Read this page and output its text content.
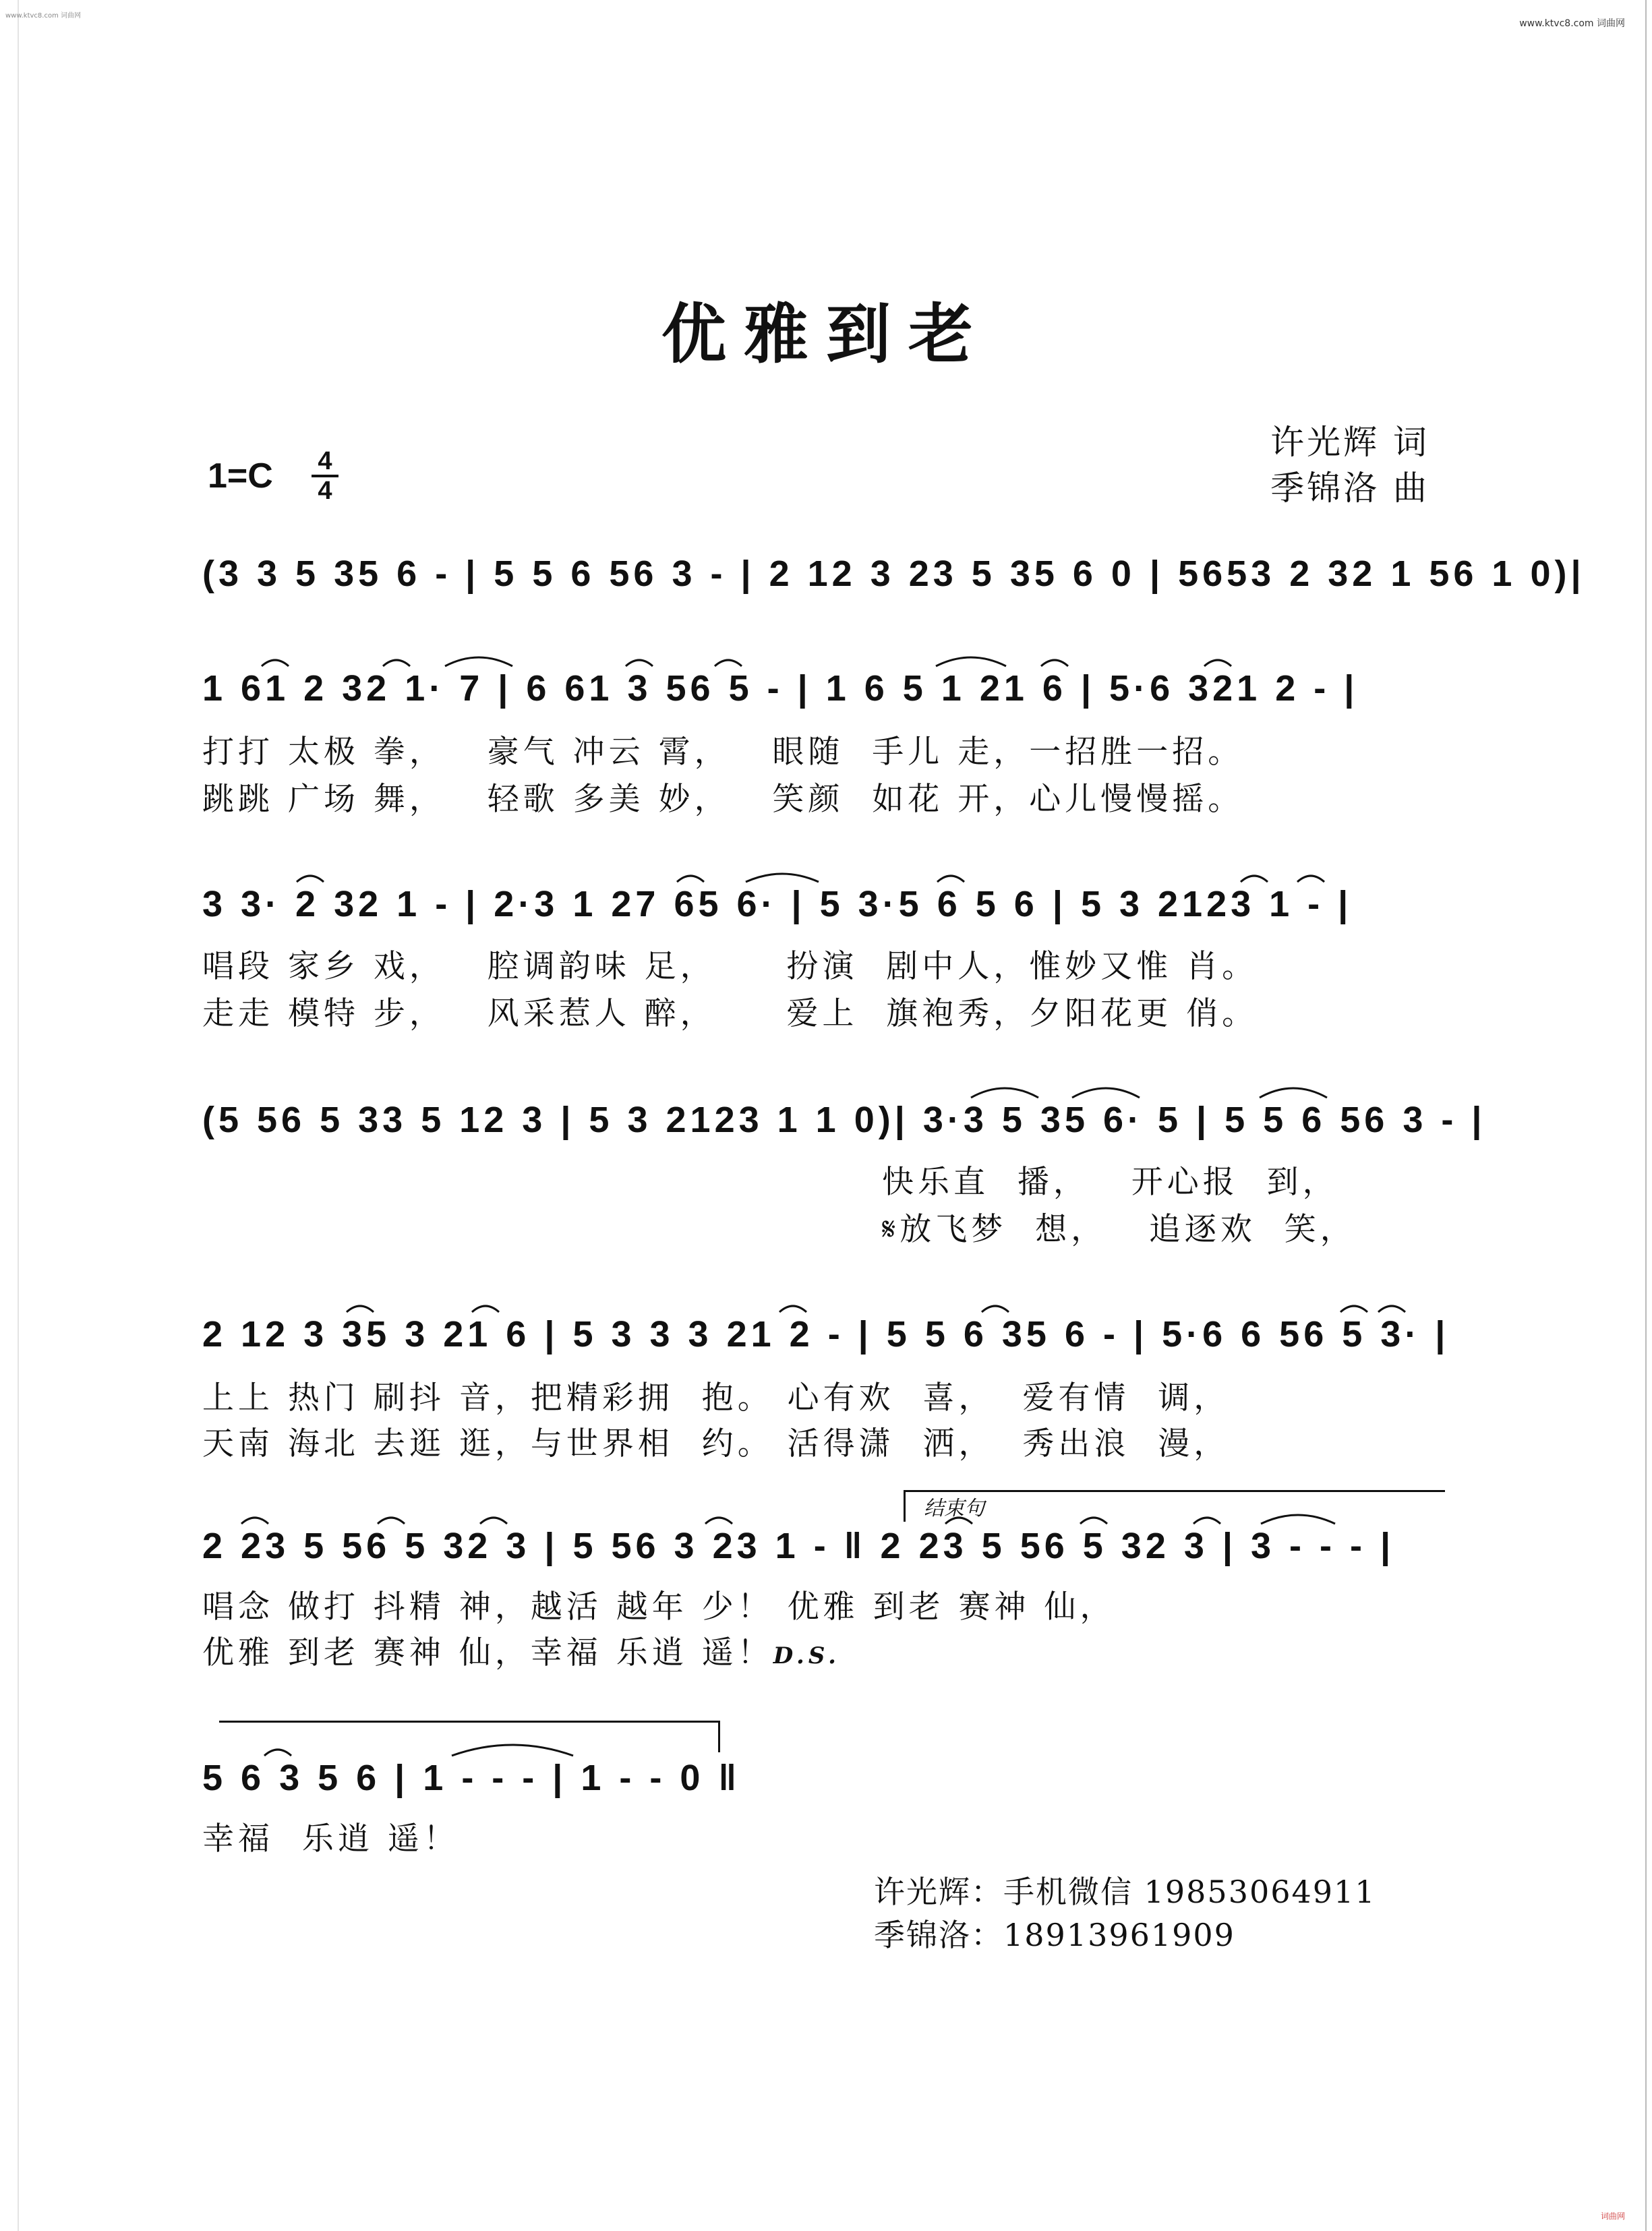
www.ktvc8.com 词曲网
www.ktvc8.com 词曲网
优雅到老
许光辉 词
季锦洛 曲
1=C 4
4
(3 3 5 35 6 - | 5 5 6 56 3 - | 2 12 3 23 5 35 6 0 | 5653 2 32 1 56 1 0)|
1 61 2 32 1· 7 | 6 61 3 56 5 - | 1 6 5 1 21 6 | 5·6 321 2 - |
打打 太极 拳，   豪气 冲云 霄，   眼随  手儿 走，一招胜一招。
跳跳 广场 舞，   轻歌 多美 妙，   笑颜  如花 开，心儿慢慢摇。
3 3· 2 32 1 - | 2·3 1 27 65 6· | 5 3·5 6 5 6 | 5 3 2123 1 - |
唱段 家乡 戏，   腔调韵味 足，     扮演  剧中人，惟妙又惟 肖。
走走 模特 步，   风采惹人 醉，     爱上  旗袍秀，夕阳花更 俏。
(5 56 5 33 5 12 3 | 5 3 2123 1 1 0)| 3·3 5 35 6· 5 | 5 5 6 56 3 - |
快乐直  播，   开心报  到，
𝄋放飞梦  想，   追逐欢  笑，
2 12 3 35 3 21 6 | 5 3 3 3 21 2 - | 5 5 6 35 6 - | 5·6 6 56 5 3· |
上上 热门 刷抖 音，把精彩拥  抱。 心有欢  喜，  爱有情  调，
天南 海北 去逛 逛，与世界相  约。 活得潇  洒，  秀出浪  漫，
结束句
2 23 5 56 5 32 3 | 5 56 3 23 1 - ‖ 2 23 5 56 5 32 3 | 3 - - - |
唱念 做打 抖精 神，越活 越年 少！ 优雅 到老 赛神 仙，
优雅 到老 赛神 仙，幸福 乐逍 遥！D.S.
5 6 3 5 6 | 1 - - - | 1 - - 0 ‖
幸福  乐逍 遥！
许光辉：手机微信 19853064911
季锦洛：18913961909
词曲网
